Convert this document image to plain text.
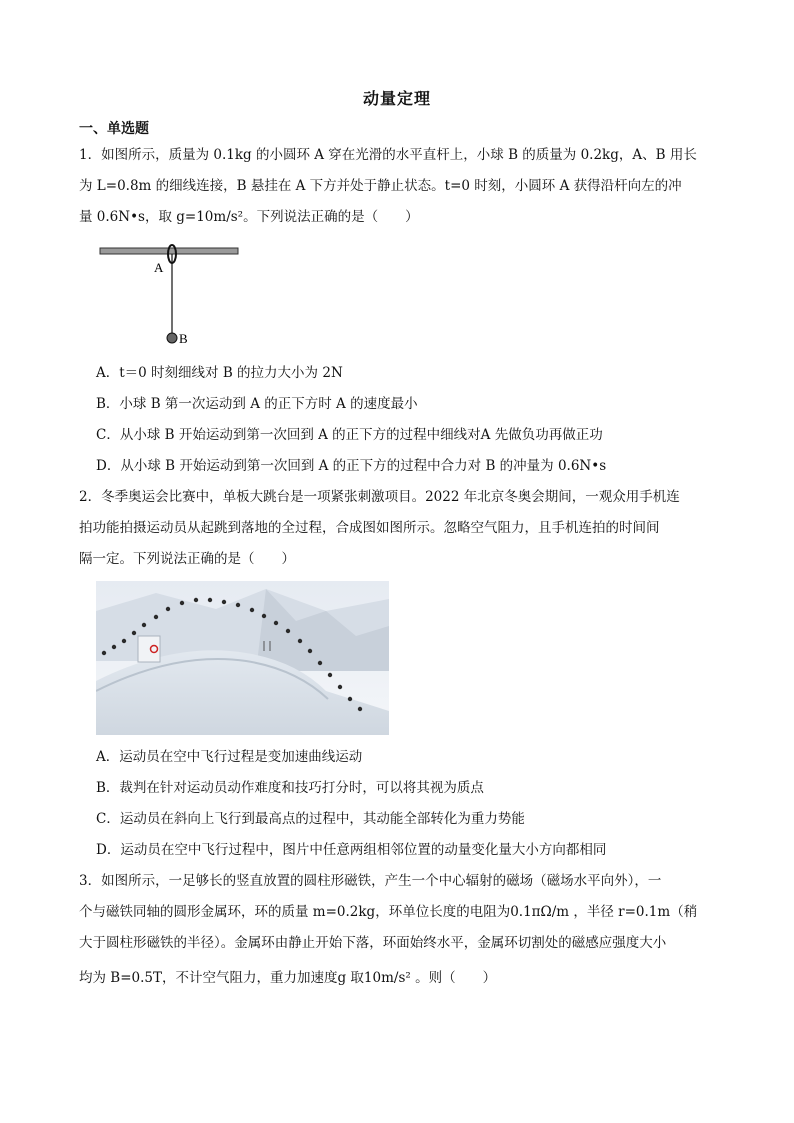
动量定理
一、单选题
1．如图所示，质量为 0.1kg 的小圆环 A 穿在光滑的水平直杆上，小球 B 的质量为 0.2kg，A、B 用长
为 L=0.8m 的细线连接，B 悬挂在 A 下方并处于静止状态。t=0 时刻，小圆环 A 获得沿杆向左的冲
量 0.6N•s，取 g=10m/s²。下列说法正确的是（　　）
A
B
A．t＝0 时刻细线对 B 的拉力大小为 2N
B．小球 B 第一次运动到 A 的正下方时 A 的速度最小
C．从小球 B 开始运动到第一次回到 A 的正下方的过程中细线对A 先做负功再做正功
D．从小球 B 开始运动到第一次回到 A 的正下方的过程中合力对 B 的冲量为 0.6N•s
2．冬季奥运会比赛中，单板大跳台是一项紧张刺激项目。2022 年北京冬奥会期间，一观众用手机连
拍功能拍摄运动员从起跳到落地的全过程，合成图如图所示。忽略空气阻力，且手机连拍的时间间
隔一定。下列说法正确的是（　　）
A．运动员在空中飞行过程是变加速曲线运动
B．裁判在针对运动员动作难度和技巧打分时，可以将其视为质点
C．运动员在斜向上飞行到最高点的过程中，其动能全部转化为重力势能
D．运动员在空中飞行过程中，图片中任意两组相邻位置的动量变化量大小方向都相同
3．如图所示，一足够长的竖直放置的圆柱形磁铁，产生一个中心辐射的磁场（磁场水平向外），一
个与磁铁同轴的圆形金属环，环的质量 m=0.2kg，环单位长度的电阻为0.1πΩ/m ，半径 r=0.1m（稍
大于圆柱形磁铁的半径）。金属环由静止开始下落，环面始终水平，金属环切割处的磁感应强度大小
均为 B=0.5T，不计空气阻力，重力加速度g 取10m/s² 。则（　　）
